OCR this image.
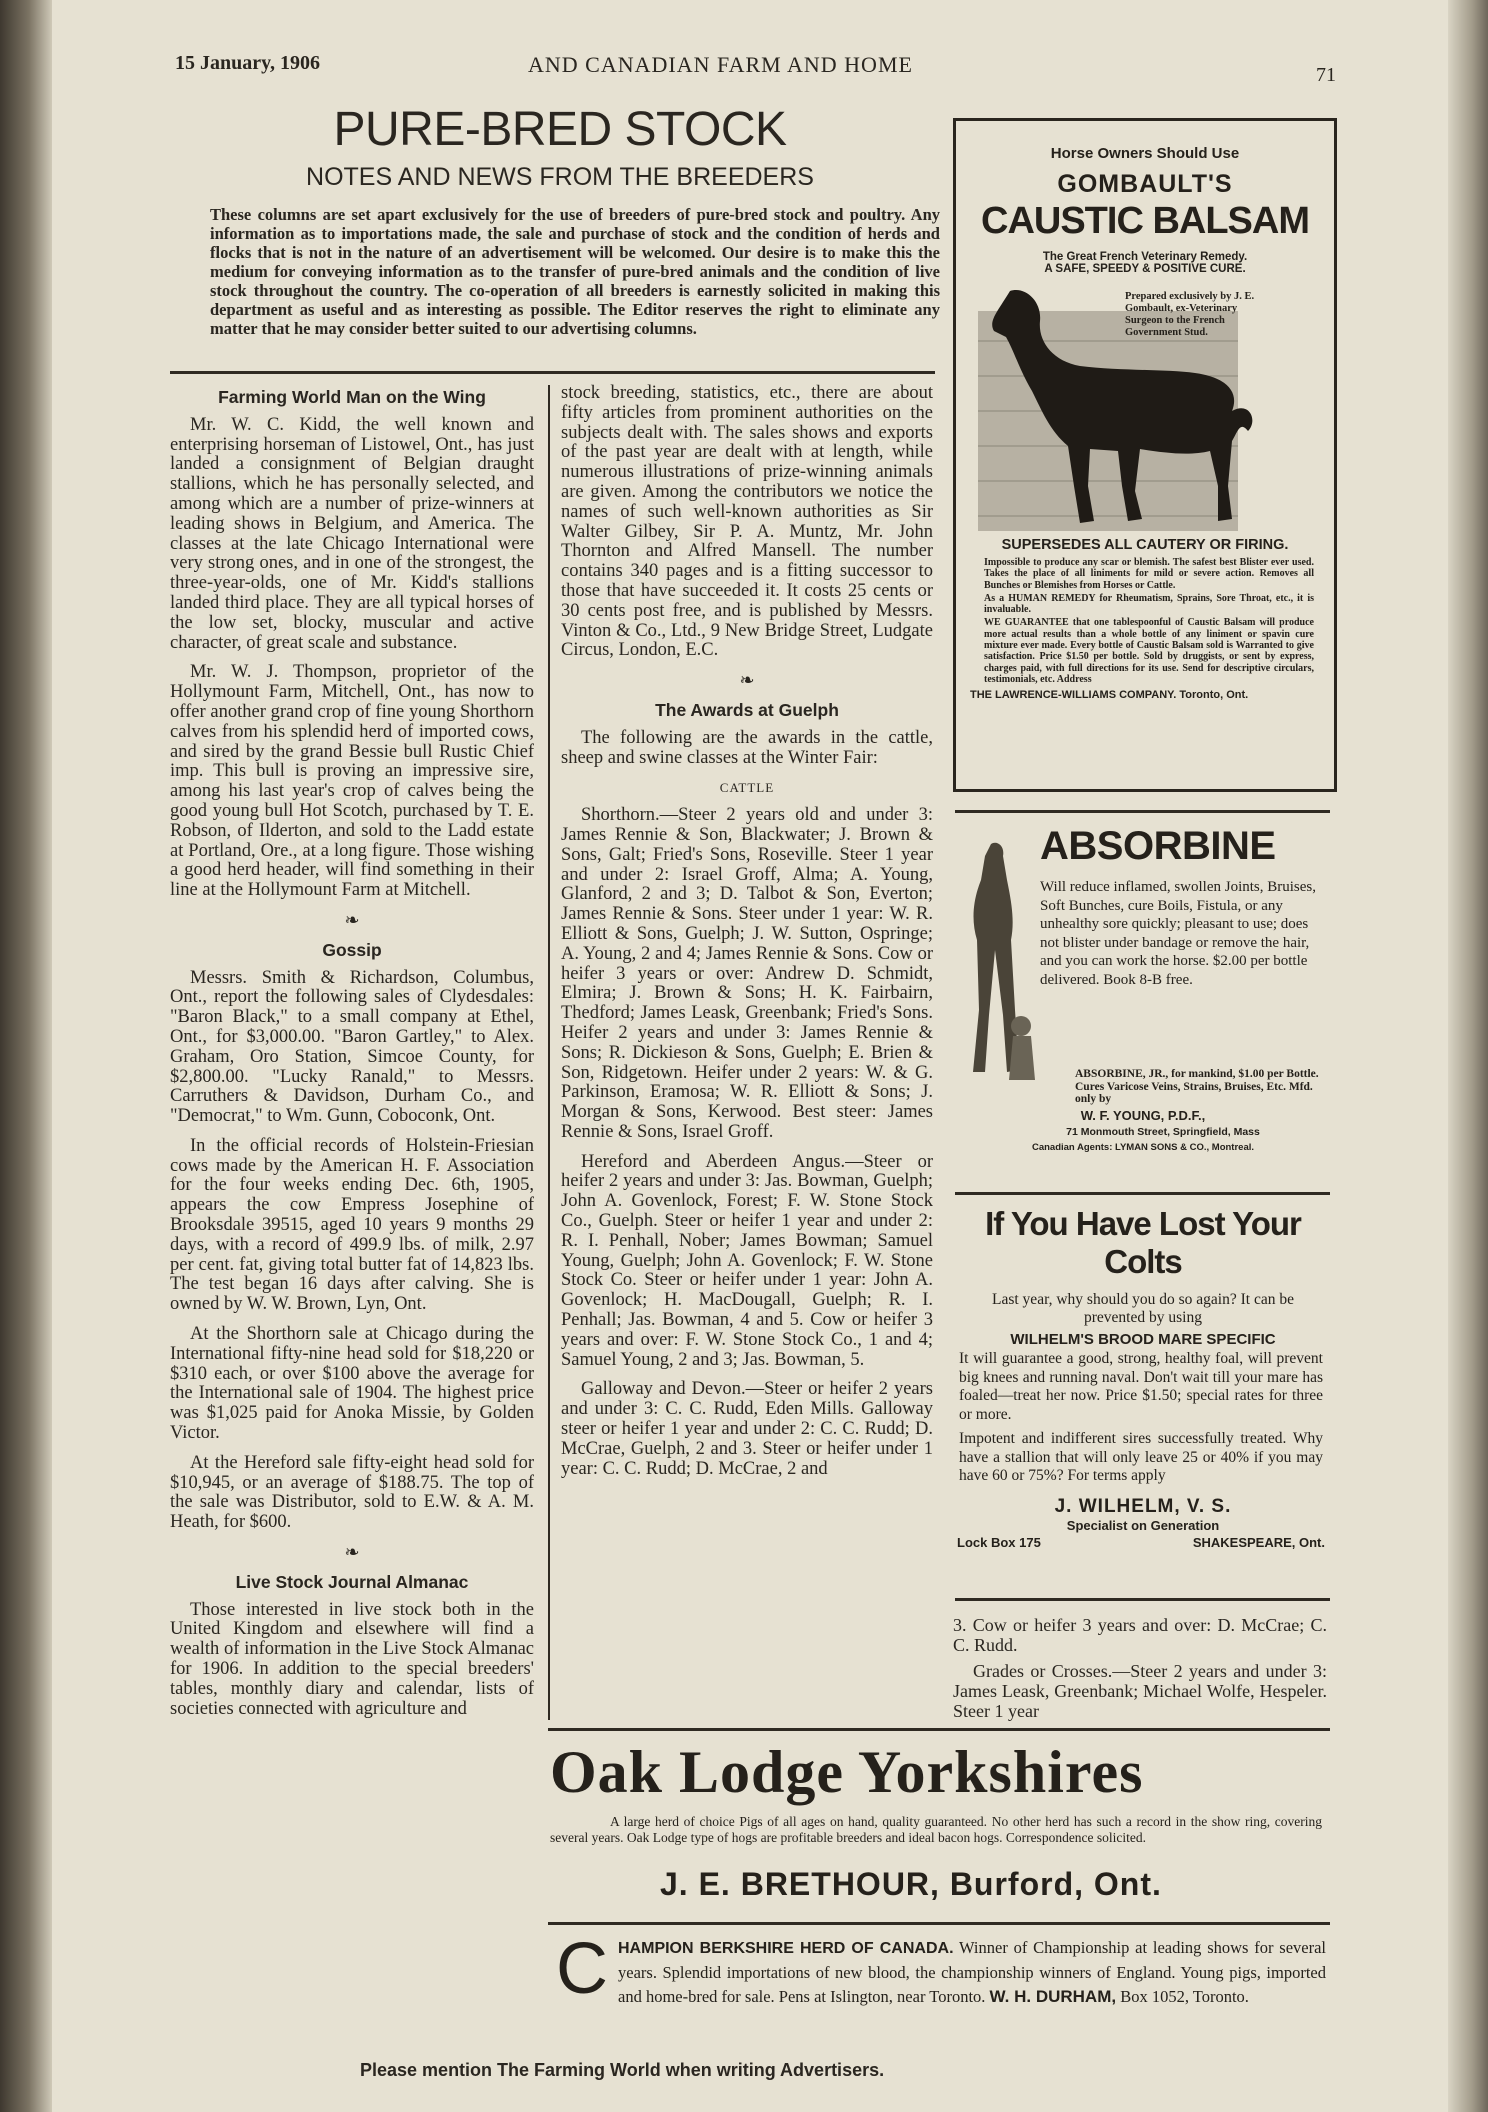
15 January, 1906	AND CANADIAN FARM AND HOME	71
PURE-BRED STOCK
NOTES AND NEWS FROM THE BREEDERS
These columns are set apart exclusively for the use of breeders of pure-bred stock and poultry. Any information as to importations made, the sale and purchase of stock and the condition of herds and flocks that is not in the nature of an advertisement will be welcomed. Our desire is to make this the medium for conveying information as to the transfer of pure-bred animals and the condition of live stock throughout the country. The co-operation of all breeders is earnestly solicited in making this department as useful and as interesting as possible. The Editor reserves the right to eliminate any matter that he may consider better suited to our advertising columns.
Farming World Man on the Wing

Mr. W. C. Kidd, the well known and enterprising horseman of Listowel, Ont., has just landed a consignment of Belgian draught stallions, which he has personally selected, and among which are a number of prize-winners at leading shows in Belgium, and America. The classes at the late Chicago International were very strong ones, and in one of the strongest, the three-year-olds, one of Mr. Kidd's stallions landed third place. They are all typical horses of the low set, blocky, muscular and active character, of great scale and substance.

Mr. W. J. Thompson, proprietor of the Hollymount Farm, Mitchell, Ont., has now to offer another grand crop of fine young Shorthorn calves from his splendid herd of imported cows, and sired by the grand Bessie bull Rustic Chief imp. This bull is proving an impressive sire, among his last year's crop of calves being the good young bull Hot Scotch, purchased by T. E. Robson, of Ilderton, and sold to the Ladd estate at Portland, Ore., at a long figure. Those wishing a good herd header, will find something in their line at the Hollymount Farm at Mitchell.

❧
Gossip

Messrs. Smith & Richardson, Columbus, Ont., report the following sales of Clydesdales: "Baron Black," to a small company at Ethel, Ont., for $3,000.00. "Baron Gartley," to Alex. Graham, Oro Station, Simcoe County, for $2,800.00. "Lucky Ranald," to Messrs. Carruthers & Davidson, Durham Co., and "Democrat," to Wm. Gunn, Coboconk, Ont.

In the official records of Holstein-Friesian cows made by the American H. F. Association for the four weeks ending Dec. 6th, 1905, appears the cow Empress Josephine of Brooksdale 39515, aged 10 years 9 months 29 days, with a record of 499.9 lbs. of milk, 2.97 per cent. fat, giving total butter fat of 14,823 lbs. The test began 16 days after calving. She is owned by W. W. Brown, Lyn, Ont.

At the Shorthorn sale at Chicago during the International fifty-nine head sold for $18,220 or $310 each, or over $100 above the average for the International sale of 1904. The highest price was $1,025 paid for Anoka Missie, by Golden Victor.

At the Hereford sale fifty-eight head sold for $10,945, or an average of $188.75. The top of the sale was Distributor, sold to E.W. & A. M. Heath, for $600.

❧
Live Stock Journal Almanac

Those interested in live stock both in the United Kingdom and elsewhere will find a wealth of information in the Live Stock Almanac for 1906. In addition to the special breeders' tables, monthly diary and calendar, lists of societies connected with agriculture and

stock breeding, statistics, etc., there are about fifty articles from prominent authorities on the subjects dealt with. The sales shows and exports of the past year are dealt with at length, while numerous illustrations of prize-winning animals are given. Among the contributors we notice the names of such well-known authorities as Sir Walter Gilbey, Sir P. A. Muntz, Mr. John Thornton and Alfred Mansell. The number contains 340 pages and is a fitting successor to those that have succeeded it. It costs 25 cents or 30 cents post free, and is published by Messrs. Vinton & Co., Ltd., 9 New Bridge Street, Ludgate Circus, London, E.C.

❧
The Awards at Guelph

The following are the awards in the cattle, sheep and swine classes at the Winter Fair:

CATTLE

Shorthorn.—Steer 2 years old and under 3: James Rennie & Son, Blackwater; J. Brown & Sons, Galt; Fried's Sons, Roseville. Steer 1 year and under 2: Israel Groff, Alma; A. Young, Glanford, 2 and 3; D. Talbot & Son, Everton; James Rennie & Sons. Steer under 1 year: W. R. Elliott & Sons, Guelph; J. W. Sutton, Ospringe; A. Young, 2 and 4; James Rennie & Sons. Cow or heifer 3 years or over: Andrew D. Schmidt, Elmira; J. Brown & Sons; H. K. Fairbairn, Thedford; James Leask, Greenbank; Fried's Sons. Heifer 2 years and under 3: James Rennie & Sons; R. Dickieson & Sons, Guelph; E. Brien & Son, Ridgetown. Heifer under 2 years: W. & G. Parkinson, Eramosa; W. R. Elliott & Sons; J. Morgan & Sons, Kerwood. Best steer: James Rennie & Sons, Israel Groff.

Hereford and Aberdeen Angus.—Steer or heifer 2 years and under 3: Jas. Bowman, Guelph; John A. Govenlock, Forest; F. W. Stone Stock Co., Guelph. Steer or heifer 1 year and under 2: R. I. Penhall, Nober; James Bowman; Samuel Young, Guelph; John A. Govenlock; F. W. Stone Stock Co. Steer or heifer under 1 year: John A. Govenlock; H. MacDougall, Guelph; R. I. Penhall; Jas. Bowman, 4 and 5. Cow or heifer 3 years and over: F. W. Stone Stock Co., 1 and 4; Samuel Young, 2 and 3; Jas. Bowman, 5.

Galloway and Devon.—Steer or heifer 2 years and under 3: C. C. Rudd, Eden Mills. Galloway steer or heifer 1 year and under 2: C. C. Rudd; D. McCrae, Guelph, 2 and 3. Steer or heifer under 1 year: C. C. Rudd; D. McCrae, 2 and

Horse Owners Should Use
GOMBAULT'S
CAUSTIC BALSAM
The Great French Veterinary Remedy.
A SAFE, SPEEDY & POSITIVE CURE.
Prepared exclusively by J. E. Gombault, ex-Veterinary Surgeon to the French Government Stud.
SUPERSEDES ALL CAUTERY OR FIRING.
Impossible to produce any scar or blemish. The safest best Blister ever used. Takes the place of all liniments for mild or severe action. Removes all Bunches or Blemishes from Horses or Cattle.
As a HUMAN REMEDY for Rheumatism, Sprains, Sore Throat, etc., it is invaluable.
WE GUARANTEE that one tablespoonful of Caustic Balsam will produce more actual results than a whole bottle of any liniment or spavin cure mixture ever made. Every bottle of Caustic Balsam sold is Warranted to give satisfaction. Price $1.50 per bottle. Sold by druggists, or sent by express, charges paid, with full directions for its use. Send for descriptive circulars, testimonials, etc. Address
THE LAWRENCE-WILLIAMS COMPANY. Toronto, Ont.
ABSORBINE
Will reduce inflamed, swollen Joints, Bruises, Soft Bunches, cure Boils, Fistula, or any unhealthy sore quickly; pleasant to use; does not blister under bandage or remove the hair, and you can work the horse. $2.00 per bottle delivered. Book 8-B free.
ABSORBINE, JR., for mankind, $1.00 per Bottle. Cures Varicose Veins, Strains, Bruises, Etc. Mfd. only by
W. F. YOUNG, P.D.F.,
71 Monmouth Street, Springfield, Mass
Canadian Agents: LYMAN SONS & CO., Montreal.
If You Have Lost Your Colts
Last year, why should you do so again? It can be prevented by using
WILHELM'S BROOD MARE SPECIFIC
It will guarantee a good, strong, healthy foal, will prevent big knees and running naval. Don't wait till your mare has foaled—treat her now. Price $1.50; special rates for three or more.
Impotent and indifferent sires successfully treated. Why have a stallion that will only leave 25 or 40% if you may have 60 or 75%? For terms apply
J. WILHELM, V. S.
Specialist on Generation
Lock Box 175	SHAKESPEARE, Ont.

3. Cow or heifer 3 years and over: D. McCrae; C. C. Rudd.

Grades or Crosses.—Steer 2 years and under 3: James Leask, Greenbank; Michael Wolfe, Hespeler. Steer 1 year

Oak Lodge Yorkshires
A large herd of choice Pigs of all ages on hand, quality guaranteed. No other herd has such a record in the show ring, covering several years. Oak Lodge type of hogs are profitable breeders and ideal bacon hogs. Correspondence solicited.
J. E. BRETHOUR, Burford, Ont.
C HAMPION BERKSHIRE HERD OF CANADA. Winner of Championship at leading shows for several years. Splendid importations of new blood, the championship winners of England. Young pigs, imported and home-bred for sale. Pens at Islington, near Toronto. W. H. DURHAM, Box 1052, Toronto.
Please mention The Farming World when writing Advertisers.
